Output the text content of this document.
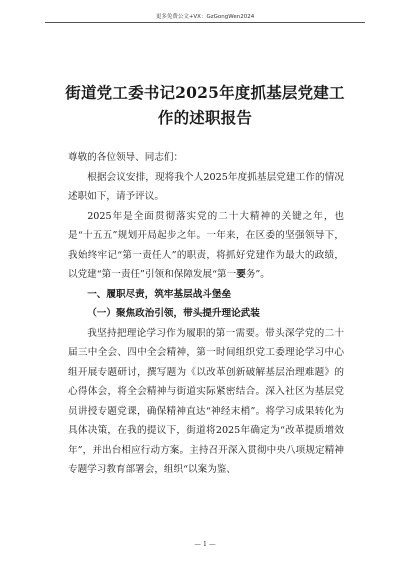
更多免费公文+VX：GzGongWen2024
街道党工委书记2025年度抓基层党建工
作的述职报告

尊敬的各位领导、同志们：

根据会议安排，现将我个人2025年度抓基层党建工作的情况述职如下，请予评议。

2025年是全面贯彻落实党的二十大精神的关键之年，也是“十五五”规划开局起步之年。一年来，在区委的坚强领导下，我始终牢记“第一责任人”的职责，将抓好党建作为最大的政绩，以党建“第一责任”引领和保障发展“第一要务”。

一、履职尽责，筑牢基层战斗堡垒

（一）聚焦政治引领，带头提升理论武装

我坚持把理论学习作为履职的第一需要。带头深学党的二十届三中全会、四中全会精神，第一时间组织党工委理论学习中心组开展专题研讨，撰写题为《以改革创新破解基层治理难题》的心得体会，将全会精神与街道实际紧密结合。深入社区为基层党员讲授专题党课，确保精神直达“神经末梢”。将学习成果转化为具体决策，在我的提议下，街道将2025年确定为“改革提质增效年”，并出台相应行动方案。主持召开深入贯彻中央八项规定精神专题学习教育部署会，组织“以案为鉴、

— 1 —
